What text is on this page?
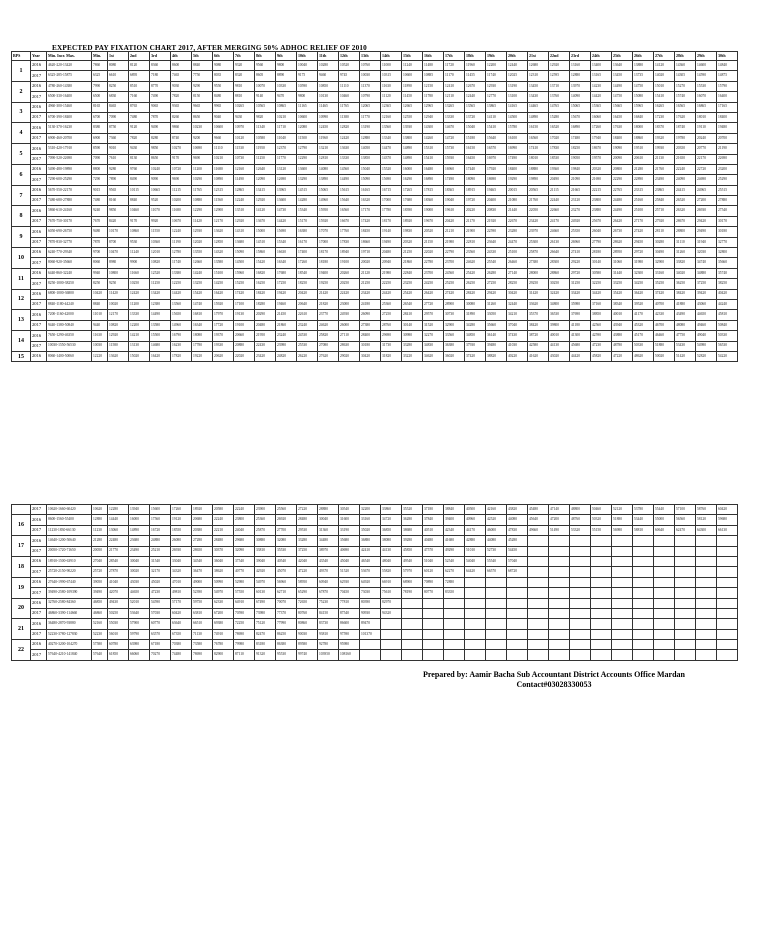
EXPECTED PAY FIXATION CHART 2017, AFTER MERGING 50% ADHOC RELIEF OF 2010
BPS	Year	Min. Incr. Max.	Min.	1st	2nd	3rd	4th	5th	6th	7th	8th	9th	10th	11th	12th	13th	14th	15th	16th	17th	18th	19th	20th	21st	22nd	23rd	24th	25th	26th	27th	28th	29th	30th
1	2016	4620-220-13420	7860	8080	8120	8360	8600	8840	9080	9320	9560	9800	10040	10280	10520	10760	11000	11240	11480	11720	11960	12200	12440	12680	12920	13160	13400	13640	13880	14120	14360	14600	14840
	2017	6325-285-15875	6325	6610	6895	7180	7465	7750	8035	8320	8605	8890	9175	9460	9745	10030	10315	10600	10885	11170	11455	11740	12025	12310	12595	12880	13165	13450	13735	14020	14305	14590	14875
2	2016	4780-260-14380	7990	8250	8510	8770	9030	9290	9550	9810	10070	10330	10590	10850	11110	11370	11630	11890	12150	12410	12670	12930	13190	13450	13710	13970	14230	14490	14750	15010	15270	15530	15790
	2017	6500-330-16400	6500	6830	7160	7490	7820	8150	8480	8810	9140	9470	9800	10130	10460	10790	11120	11450	11780	12110	12440	12770	13100	13430	13760	14090	14420	14750	15080	15410	15740	16070	16400
3	2016	4960-300-15460	8165	8465	8765	9065	9365	9665	9965	10265	10565	10865	11165	11465	11765	12065	12365	12665	12965	13265	13565	13865	14165	14465	14765	15065	15365	15665	15965	16265	16565	16865	17165
	2017	6700-390-18400	6700	7090	7480	7870	8260	8650	9040	9430	9820	10210	10600	10990	11380	11770	12160	12550	12940	13330	13720	14110	14500	14890	15280	15670	16060	16450	16840	17230	17620	18010	18400
4	2016	5130-370-16230	8380	8750	9120	9490	9860	10230	10600	10970	11340	11710	12080	12450	12820	13190	13560	13930	14300	14670	15040	15410	15780	16150	16520	16890	17260	17630	18000	18370	18740	19110	19480
	2017	6900-460-20700	6900	7360	7820	8280	8740	9200	9660	10120	10580	11040	11500	11960	12420	12880	13340	13800	14260	14720	15180	15640	16100	16560	17020	17480	17940	18400	18860	19320	19780	20240	20700
5	2016	5310-420-17910	8590	9010	9430	9850	10270	10690	11110	11530	11950	12370	12790	13210	13630	14050	14470	14890	15310	15730	16150	16570	16990	17410	17830	18250	18670	19090	19510	19930	20350	20770	21190
	2017	7090-520-22690	7090	7610	8130	8650	9170	9690	10210	10730	11250	11770	12290	12810	13330	13850	14370	14890	15410	15930	16450	16970	17490	18010	18530	19050	19570	20090	20610	21130	21650	22170	22690
6	2016	5490-480-19890	8800	9280	9760	10240	10720	11200	11680	12160	12640	13120	13600	14080	14560	15040	15520	16000	16480	16960	17440	17920	18400	18880	19360	19840	20320	20800	21280	21760	22240	22720	23200
	2017	7290-600-25290	7290	7890	8490	9090	9690	10290	10890	11490	12090	12690	13290	13890	14490	15090	15690	16290	16890	17490	18090	18690	19290	19890	20490	21090	21690	22290	22890	23490	24090	24690	25290
7	2016	5670-550-22170	9015	9565	10115	10665	11215	11765	12315	12865	13415	13965	14515	15065	15615	16165	16715	17265	17815	18365	18915	19465	20015	20565	21115	21665	22215	22765	23315	23865	24415	24965	25515
	2017	7480-680-27880	7480	8160	8840	9520	10200	10880	11560	12240	12920	13600	14280	14960	15640	16320	17000	17680	18360	19040	19720	20400	21080	21760	22440	23120	23800	24480	25160	25840	26520	27200	27880
8	2016	5860-610-24160	9240	9850	10460	11070	11680	12290	12900	13510	14120	14730	15340	15950	16560	17170	17780	18390	19000	19610	20220	20830	21440	22050	22660	23270	23880	24490	25100	25710	26320	26930	27540
	2017	7670-750-30170	7670	8420	9170	9920	10670	11420	12170	12920	13670	14420	15170	15920	16670	17420	18170	18920	19670	20420	21170	21920	22670	23420	24170	24920	25670	26420	27170	27920	28670	29420	30170
9	2016	6050-690-26750	9480	10170	10860	11550	12240	12930	13620	14310	15000	15690	16380	17070	17760	18450	19140	19830	20520	21210	21900	22590	23280	23970	24660	25350	26040	26730	27420	28110	28800	29490	30180
	2017	7870-830-32770	7870	8700	9530	10360	11190	12020	12850	13680	14510	15340	16170	17000	17830	18660	19490	20320	21150	21980	22810	23640	24470	25300	26130	26960	27790	28620	29450	30280	31110	31940	32770
10	2016	6240-770-29340	9700	10470	11240	12010	12780	13550	14320	15090	15860	16630	17400	18170	18940	19710	20480	21250	22020	22790	23560	24330	25100	25870	26640	27410	28180	28950	29720	30490	31260	32030	32800
	2017	8060-920-35660	8060	8980	9900	10820	11740	12660	13580	14500	15420	16340	17260	18180	19100	20020	20940	21860	22780	23700	24620	25540	26460	27380	28300	29220	30140	31060	31980	32900	33820	34740	35660
11	2016	6440-860-32240	9940	10800	11660	12520	13380	14240	15100	15960	16820	17680	18540	19400	20260	21120	21980	22840	23700	24560	25420	26280	27140	28000	28860	29720	30580	31440	32300	33160	34020	34880	35740
	2017	8250-1000-38250	8250	9250	10250	11250	12250	13250	14250	15250	16250	17250	18250	19250	20250	21250	22250	23250	24250	25250	26250	27250	28250	29250	30250	31250	32250	33250	34250	35250	36250	37250	38250
12	2016	6800-1000-36800	10420	11420	12420	13420	14420	15420	16420	17420	18420	19420	20420	21420	22420	23420	24420	25420	26420	27420	28420	29420	30420	31420	32420	33420	34420	35420	36420	37420	38420	39420	40420
	2017	8840-1180-44240	8840	10020	11200	12380	13560	14740	15920	17100	18280	19460	20640	21820	23000	24180	25360	26540	27720	28900	30080	31260	32440	33620	34800	35980	37160	38340	39520	40700	41880	43060	44240
13	2016	7200-1160-42000	11010	12170	13330	14490	15650	16810	17970	19130	20290	21450	22610	23770	24930	26090	27250	28410	29570	30730	31890	33050	34210	35370	36530	37690	38850	40010	41170	42330	43490	44650	45810
	2017	9440-1380-50840	9440	10820	12200	13580	14960	16340	17720	19100	20480	21860	23240	24620	26000	27380	28760	30140	31520	32900	34280	35660	37040	38420	39800	41180	42560	43940	45320	46700	48080	49460	50840
14	2016	7650-1290-46350	11630	12920	14210	15500	16790	18080	19370	20660	21950	23240	24530	25820	27110	28400	29690	30980	32270	33560	34850	36140	37430	38720	40010	41300	42590	43880	45170	46460	47750	49040	50330
	2017	10030-1550-56530	10030	11580	13130	14680	16230	17780	19330	20880	22430	23980	25530	27080	28630	30180	31730	33280	34830	36380	37930	39480	41030	42580	44130	45680	47230	48780	50330	51880	53430	54980	56530
15	2016	8060-1400-50060	12220	13620	15020	16420	17820	19220	20620	22020	23420	24820	26220	27620	29020	30420	31820	33220	34620	36020	37420	38820	40220	41620	43020	44420	45820	47220	48620	50020	51420	52820	54220
	2017	10620-1660-60420	10620	12280	13940	15600	17260	18920	20580	22240	23900	25560	27220	28880	30540	32200	33860	35520	37180	38840	40500	42160	43820	45480	47140	48800	50460	52120	53780	55440	57100	58760	60420
16	2016	8600-1560-55400	12880	14440	16000	17560	19120	20680	22240	23800	25360	26920	28480	30040	31600	33160	34720	36280	37840	39400	40960	42520	44080	45640	47200	48760	50320	51880	53440	55000	56560	58120	59680
	2017	11230-1830-66130	11230	13060	14890	16720	18550	20380	22210	24040	25870	27700	29530	31360	33190	35020	36850	38680	40510	42340	44170	46000	47830	49660	51490	53320	55150	56980	58810	60640	62470	64300	66130
17	2016	14640-1200-50640	21280	22480	23680	24880	26080	27280	28480	29680	30880	32080	33280	34480	35680	36880	38080	39280	40480	41680	42880	44080	45280										
	2017	20050-1720-71650	20050	21770	23490	25210	26930	28650	30370	32090	33810	35530	37250	38970	40690	42410	44130	45850	47570	49290	51010	52730	54450										
18	2016	18910-1500-63910	27040	28540	30040	31540	33040	34540	36040	37540	39040	40540	42040	43540	45040	46540	48040	49540	51040	52540	54040	55540	57040										
	2017	25720-2150-90220	25720	27870	30020	32170	34320	36470	38620	40770	42920	45070	47220	49370	51520	53670	55820	57970	60120	62270	64420	66570	68720										
19	2016	27640-1990-67440	39050	41040	43030	45020	47010	49000	50990	52980	54970	56960	58950	60940	62930	64920	66910	68900	70890	72880													
	2017	39490-2580-109390	39490	42070	44650	47230	49810	52390	54970	57550	60130	62710	65290	67870	70450	73030	75610	78190	80770	83350													
20	2016	32760-2580-84360	46850	49430	52010	54590	57170	59750	62330	64910	67490	70070	72650	75230	77810	80390	82970																
	2017	46860-3390-114660	46860	50250	53640	57030	60420	63810	67200	70590	73980	77370	80760	84150	87540	90930	94320																
21	2016	36480-2870-93880	52160	55030	57900	60770	63640	66510	69380	72250	75120	77990	80860	83730	86600	89470																	
	2017	52230-3780-127830	52230	56010	59790	63570	67350	71130	74910	78690	82470	86250	90030	93810	97590	101370																	
22	2016	40270-3200-104270	57580	60780	63980	67180	70380	73580	76780	79980	83180	86380	89580	92780	95980																		
	2017	57640-4210-141840	57640	61850	66060	70270	74480	78690	82900	87110	91320	95530	99740	103950	108160																		
Prepared by: Aamir Bacha Sub Accountant District Accounts Office Mardan
Contact#03028330053
